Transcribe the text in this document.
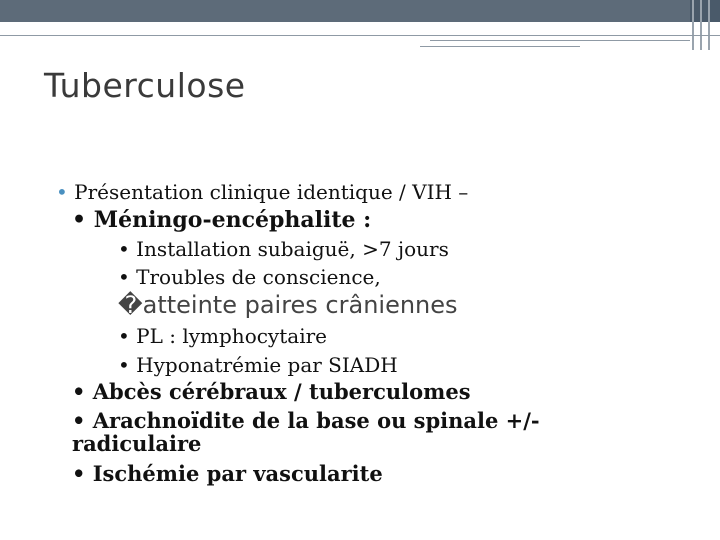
Tuberculose
• Présentation clinique identique / VIH –
• Méningo-encéphalite :
• Installation subaiguë, >7 jours
• Troubles de conscience,
�atteinte paires crâniennes
• PL : lymphocytaire
• Hyponatrémie par SIADH
• Abcès cérébraux / tuberculomes
• Arachnoïdite de la base ou spinale +/-
radiculaire
• Ischémie par vascularite
